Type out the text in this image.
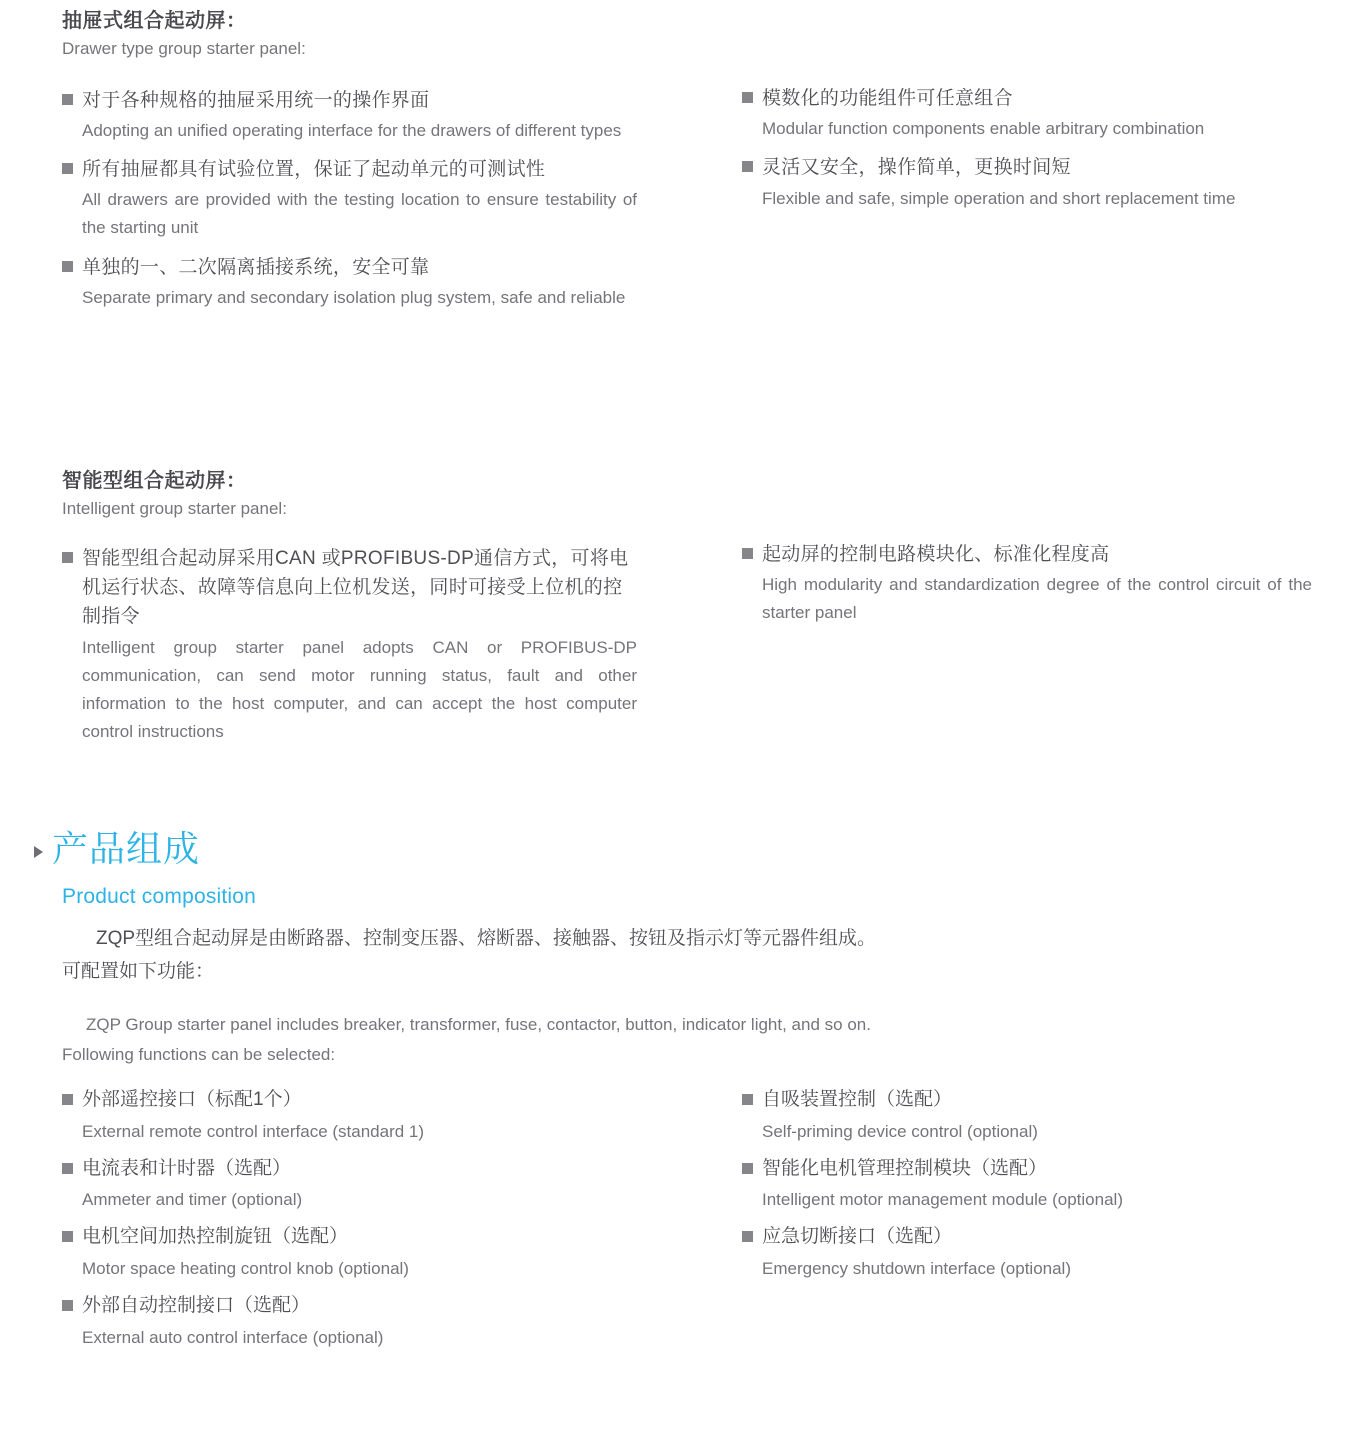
抽屉式组合起动屏：
Drawer type group starter panel:
对于各种规格的抽屉采用统一的操作界面
Adopting an unified operating interface for the drawers of different types
所有抽屉都具有试验位置，保证了起动单元的可测试性
All drawers are provided with the testing location to ensure testability of the starting unit
单独的一、二次隔离插接系统，安全可靠
Separate primary and secondary isolation plug system, safe and reliable
模数化的功能组件可任意组合
Modular function components enable arbitrary combination
灵活又安全，操作简单，更换时间短
Flexible and safe, simple operation and short replacement time
智能型组合起动屏：
Intelligent group starter panel:
智能型组合起动屏采用CAN 或PROFIBUS-DP通信方式，可将电机运行状态、故障等信息向上位机发送，同时可接受上位机的控制指令
Intelligent group starter panel adopts CAN or PROFIBUS-DP communication, can send motor running status, fault and other information to the host computer, and can accept the host computer control instructions
起动屏的控制电路模块化、标准化程度高
High modularity and standardization degree of the control circuit of the starter panel
产品组成
Product composition
ZQP型组合起动屏是由断路器、控制变压器、熔断器、接触器、按钮及指示灯等元器件组成。可配置如下功能：
ZQP Group starter panel includes breaker, transformer, fuse, contactor, button, indicator light, and so on. Following functions can be selected:
外部遥控接口（标配1个）
External remote control interface (standard 1)
电流表和计时器（选配）
Ammeter and timer (optional)
电机空间加热控制旋钮（选配）
Motor space heating control knob (optional)
外部自动控制接口（选配）
External auto control interface (optional)
自吸装置控制（选配）
Self-priming device control (optional)
智能化电机管理控制模块（选配）
Intelligent motor management module (optional)
应急切断接口（选配）
Emergency shutdown interface (optional)
